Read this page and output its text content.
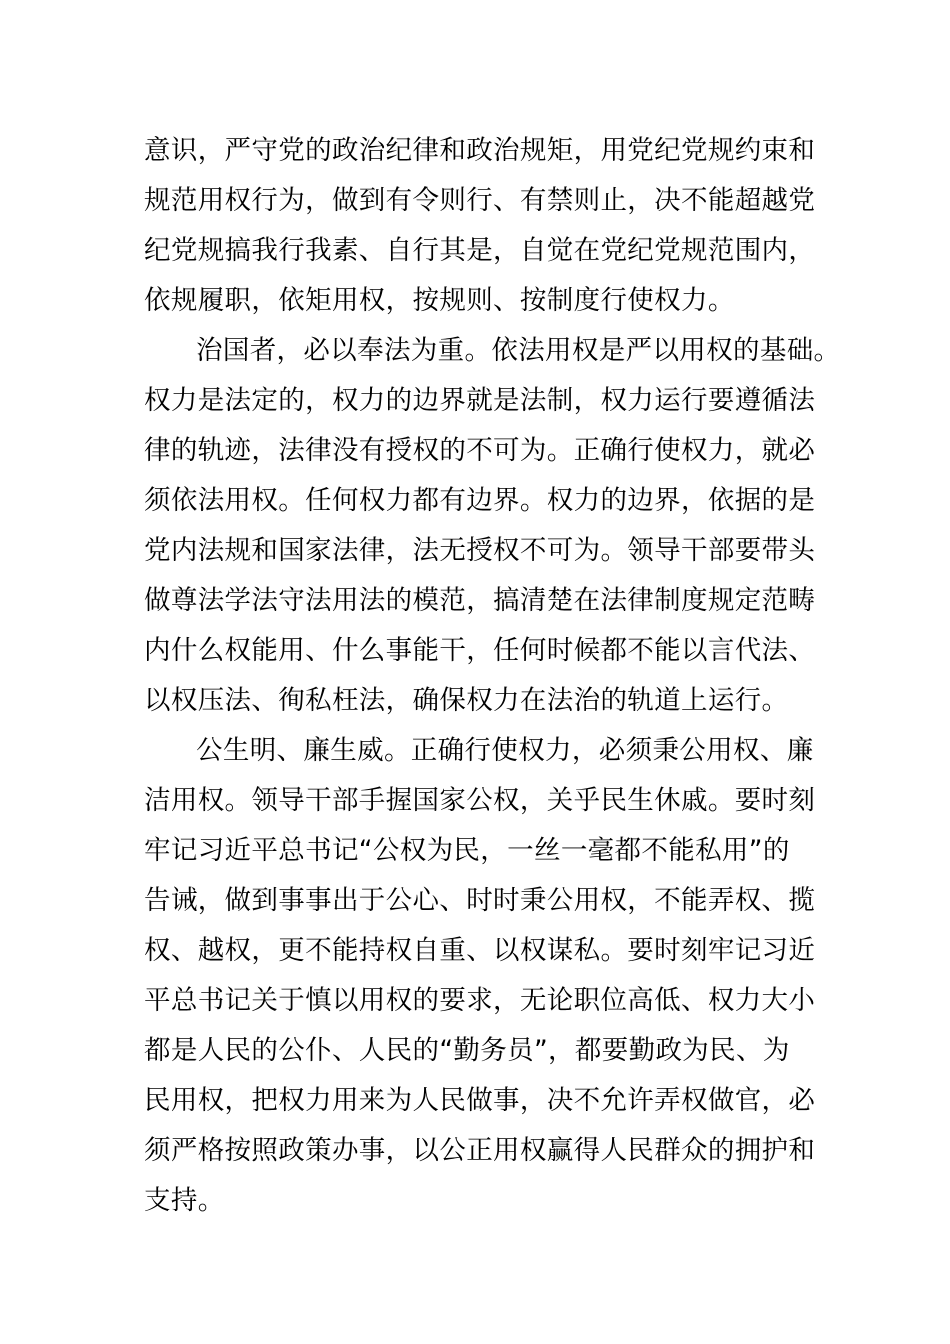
意识，严守党的政治纪律和政治规矩，用党纪党规约束和
规范用权行为，做到有令则行、有禁则止，决不能超越党
纪党规搞我行我素、自行其是，自觉在党纪党规范围内，
依规履职，依矩用权，按规则、按制度行使权力。
治国者，必以奉法为重。依法用权是严以用权的基础。
权力是法定的，权力的边界就是法制，权力运行要遵循法
律的轨迹，法律没有授权的不可为。正确行使权力，就必
须依法用权。任何权力都有边界。权力的边界，依据的是
党内法规和国家法律，法无授权不可为。领导干部要带头
做尊法学法守法用法的模范，搞清楚在法律制度规定范畴
内什么权能用、什么事能干，任何时候都不能以言代法、
以权压法、徇私枉法，确保权力在法治的轨道上运行。
公生明、廉生威。正确行使权力，必须秉公用权、廉
洁用权。领导干部手握国家公权，关乎民生休戚。要时刻
牢记习近平总书记“公权为民，一丝一毫都不能私用”的
告诫，做到事事出于公心、时时秉公用权，不能弄权、揽
权、越权，更不能持权自重、以权谋私。要时刻牢记习近
平总书记关于慎以用权的要求，无论职位高低、权力大小
都是人民的公仆、人民的“勤务员”，都要勤政为民、为
民用权，把权力用来为人民做事，决不允许弄权做官，必
须严格按照政策办事，以公正用权赢得人民群众的拥护和
支持。
